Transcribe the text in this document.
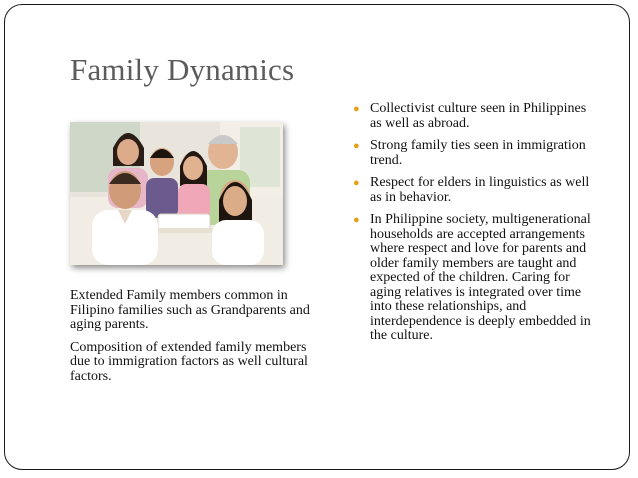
Family Dynamics

Extended Family members common in Filipino families such as Grandparents and aging parents.

Composition of extended family members due to immigration factors as well cultural factors.

● Collectivist culture seen in Philippines as well as abroad.
● Strong family ties seen in immigration trend.
● Respect for elders in linguistics as well as in behavior.
● In Philippine society, multigenerational households are accepted arrangements where respect and love for parents and older family members are taught and expected of the children. Caring for aging relatives is integrated over time into these relationships, and interdependence is deeply embedded in the culture.
